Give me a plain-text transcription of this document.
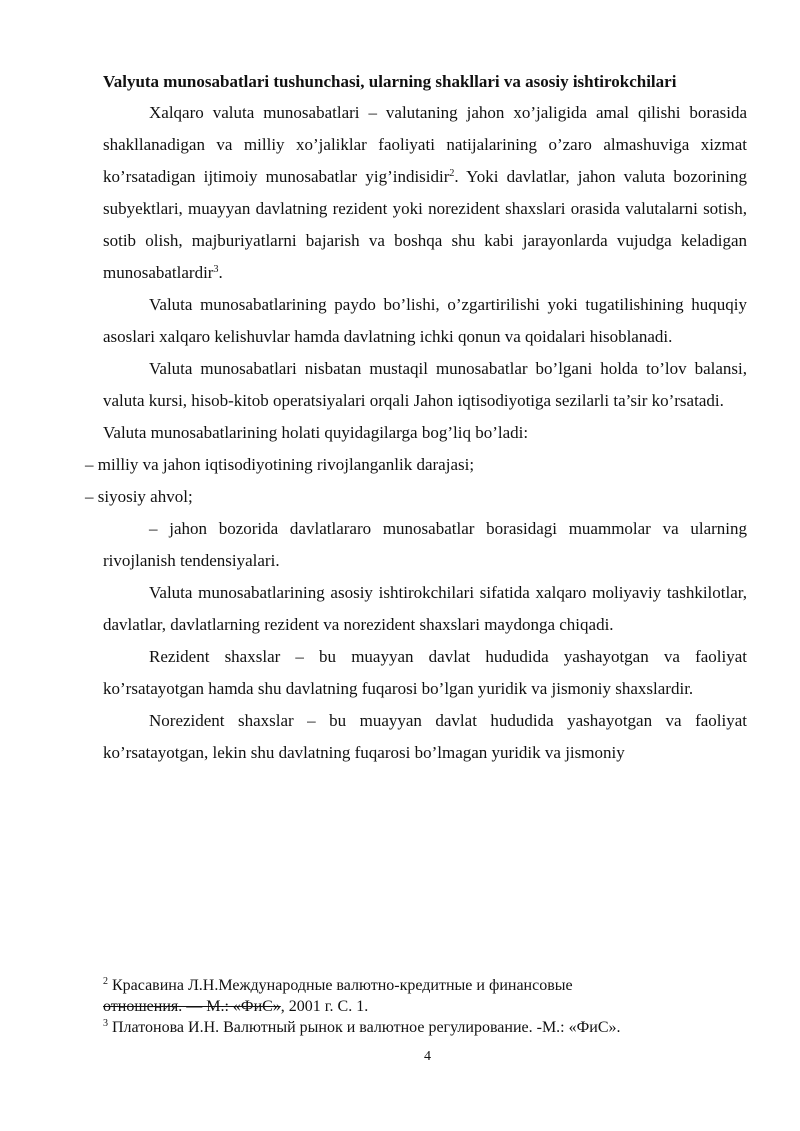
Valyuta munosabatlari tushunchasi, ularning shakllari va asosiy ishtirokchilari

Xalqaro valuta munosabatlari – valutaning jahon xo’jaligida amal qilishi borasida shakllanadigan va milliy xo’jaliklar faoliyati natijalarining o’zaro almashuviga xizmat ko’rsatadigan ijtimoiy munosabatlar yig’indisidir$^2$. Yoki davlatlar, jahon valuta bozorining subyektlari, muayyan davlatning rezident yoki norezident shaxslari orasida valutalarni sotish, sotib olish, majburiyatlarni bajarish va boshqa shu kabi jarayonlarda vujudga keladigan munosabatlardir$^3$.

Valuta munosabatlarining paydo bo’lishi, o’zgartirilishi yoki tugatilishining huquqiy asoslari xalqaro kelishuvlar hamda davlatning ichki qonun va qoidalari hisoblanadi.

Valuta munosabatlari nisbatan mustaqil munosabatlar bo’lgani holda to’lov balansi, valuta kursi, hisob-kitob operatsiyalari orqali Jahon iqtisodiyotiga sezilarli ta’sir ko’rsatadi.

Valuta munosabatlarining holati quyidagilarga bog’liq bo’ladi:

– milliy va jahon iqtisodiyotining rivojlanganlik darajasi;

– siyosiy ahvol;

– jahon bozorida davlatlararo munosabatlar borasidagi muammolar va ularning rivojlanish tendensiyalari.

Valuta munosabatlarining asosiy ishtirokchilari sifatida xalqaro moliyaviy tashkilotlar, davlatlar, davlatlarning rezident va norezident shaxslari maydonga chiqadi.

Rezident shaxslar – bu muayyan davlat hududida yashayotgan va faoliyat ko’rsatayotgan hamda shu davlatning fuqarosi bo’lgan yuridik va jismoniy shaxslardir.

Norezident shaxslar – bu muayyan davlat hududida yashayotgan va faoliyat ko’rsatayotgan, lekin shu davlatning fuqarosi bo’lmagan yuridik va jismoniy

$^2$ Красавина Л.Н.Международные валютно-кредитные и финансовые
отношения. — М.: «ФиС», 2001 г. С. 1.

$^3$ Платонова И.Н. Валютный рынок и валютное регулирование. -М.: «ФиС».

4
